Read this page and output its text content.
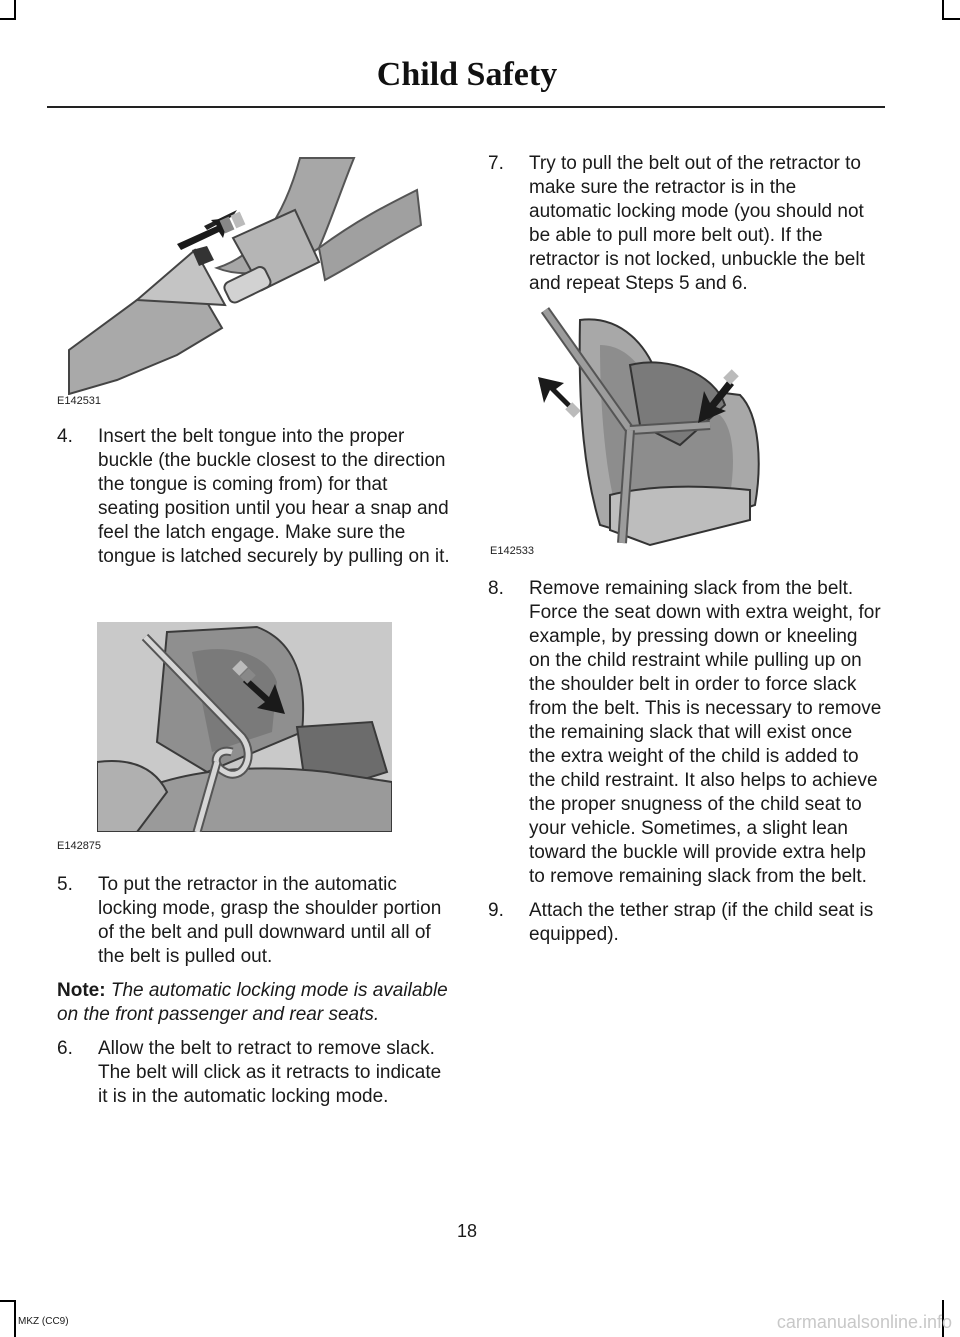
Child Safety
E142531
4. Insert the belt tongue into the proper buckle (the buckle closest to the direction the tongue is coming from) for that seating position until you hear a snap and feel the latch engage. Make sure the tongue is latched securely by pulling on it.
E142875
5. To put the retractor in the automatic locking mode, grasp the shoulder portion of the belt and pull downward until all of the belt is pulled out.
Note: The automatic locking mode is available on the front passenger and rear seats.
6. Allow the belt to retract to remove slack. The belt will click as it retracts to indicate it is in the automatic locking mode.
7. Try to pull the belt out of the retractor to make sure the retractor is in the automatic locking mode (you should not be able to pull more belt out). If the retractor is not locked, unbuckle the belt and repeat Steps 5 and 6.
E142533
8. Remove remaining slack from the belt. Force the seat down with extra weight, for example, by pressing down or kneeling on the child restraint while pulling up on the shoulder belt in order to force slack from the belt. This is necessary to remove the remaining slack that will exist once the extra weight of the child is added to the child restraint. It also helps to achieve the proper snugness of the child seat to your vehicle. Sometimes, a slight lean toward the buckle will provide extra help to remove remaining slack from the belt.
9. Attach the tether strap (if the child seat is equipped).
18
MKZ (CC9)	carmanualsonline.info
